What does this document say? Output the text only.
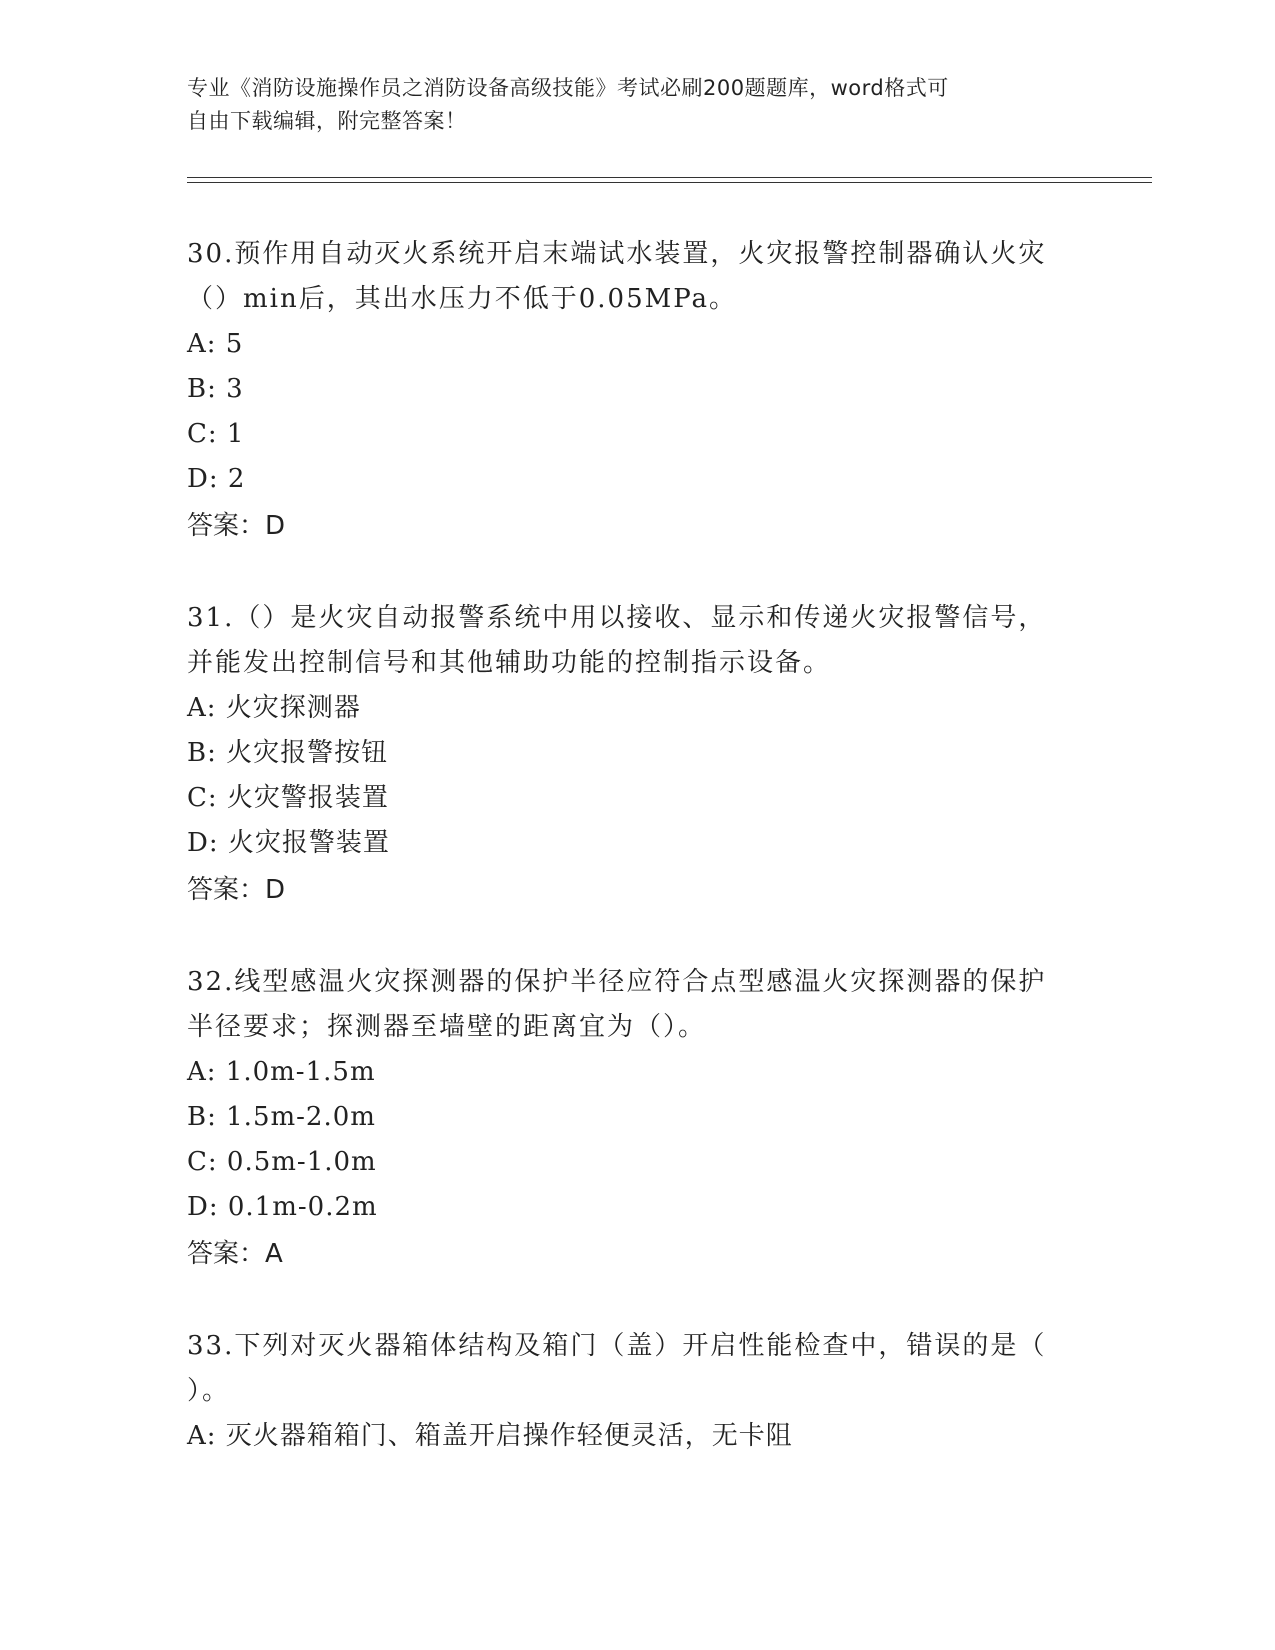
专业《消防设施操作员之消防设备高级技能》考试必刷200题题库，word格式可
自由下载编辑，附完整答案！
30.预作用自动灭火系统开启末端试水装置，火灾报警控制器确认火灾
（）min后，其出水压力不低于0.05MPa。
A: 5
B: 3
C: 1
D: 2
答案：D
31.（）是火灾自动报警系统中用以接收、显示和传递火灾报警信号，
并能发出控制信号和其他辅助功能的控制指示设备。
A: 火灾探测器
B: 火灾报警按钮
C: 火灾警报装置
D: 火灾报警装置
答案：D
32.线型感温火灾探测器的保护半径应符合点型感温火灾探测器的保护
半径要求；探测器至墙壁的距离宜为（）。
A: 1.0m-1.5m
B: 1.5m-2.0m
C: 0.5m-1.0m
D: 0.1m-0.2m
答案：A
33.下列对灭火器箱体结构及箱门（盖）开启性能检查中，错误的是（
）。
A: 灭火器箱箱门、箱盖开启操作轻便灵活，无卡阻
